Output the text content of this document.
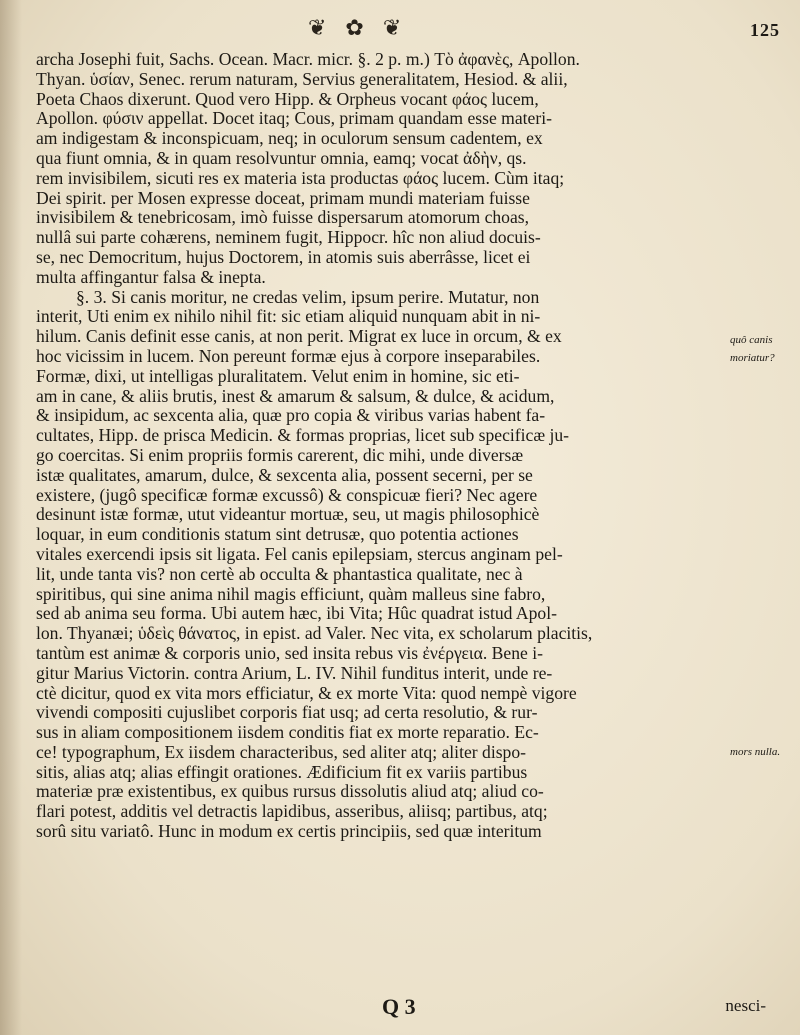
❦ ✿ ❦	125
archa Josephi fuit, Sachs. Ocean. Macr. micr. §. 2 p. m.) Τὸ ἀφανὲς, Apollon.
Thyan. ὑσίαν, Senec. rerum naturam, Servius generalitatem, Hesiod. & alii,
Poeta Chaos dixerunt. Quod vero Hipp. & Orpheus vocant φάος lucem,
Apollon. φύσιν appellat. Docet itaq; Cous, primam quandam esse materi-
am indigestam & inconspicuam, neq; in oculorum sensum cadentem, ex
qua fiunt omnia, & in quam resolvuntur omnia, eamq; vocat ἀδὴν, qs.
rem invisibilem, sicuti res ex materia ista productas φάος lucem. Cùm itaq;
Dei spirit. per Mosen expresse doceat, primam mundi materiam fuisse
invisibilem & tenebricosam, imò fuisse dispersarum atomorum choas,
nullâ sui parte cohærens, neminem fugit, Hippocr. hîc non aliud docuis-
se, nec Democritum, hujus Doctorem, in atomis suis aberrâsse, licet ei
multa affingantur falsa & inepta.
§. 3. Si canis moritur, ne credas velim, ipsum perire. Mutatur, non
interit, Uti enim ex nihilo nihil fit: sic etiam aliquid nunquam abit in ni-
hilum. Canis definit esse canis, at non perit. Migrat ex luce in orcum, & ex
hoc vicissim in lucem. Non pereunt formæ ejus à corpore inseparabiles.
Formæ, dixi, ut intelligas pluralitatem. Velut enim in homine, sic eti-
am in cane, & aliis brutis, inest & amarum & salsum, & dulce, & acidum,
& insipidum, ac sexcenta alia, quæ pro copia & viribus varias habent fa-
cultates, Hipp. de prisca Medicin. & formas proprias, licet sub specificæ ju-
go coercitas. Si enim propriis formis carerent, dic mihi, unde diversæ
istæ qualitates, amarum, dulce, & sexcenta alia, possent secerni, per se
existere, (jugô specificæ formæ excussô) & conspicuæ fieri? Nec agere
desinunt istæ formæ, utut videantur mortuæ, seu, ut magis philosophicè
loquar, in eum conditionis statum sint detrusæ, quo potentia actiones
vitales exercendi ipsis sit ligata. Fel canis epilepsiam, stercus anginam pel-
lit, unde tanta vis? non certè ab occulta & phantastica qualitate, nec à
spiritibus, qui sine anima nihil magis efficiunt, quàm malleus sine fabro,
sed ab anima seu forma. Ubi autem hæc, ibi Vita; Hûc quadrat istud Apol-
lon. Thyanæi; ὑδεὶς θάνατος, in epist. ad Valer. Nec vita, ex scholarum placitis,
tantùm est animæ & corporis unio, sed insita rebus vis ἐνέργεια. Bene i-
gitur Marius Victorin. contra Arium, L. IV. Nihil funditus interit, unde re-
ctè dicitur, quod ex vita mors efficiatur, & ex morte Vita: quod nempè vigore
vivendi compositi cujuslibet corporis fiat usq; ad certa resolutio, & rur-
sus in aliam compositionem iisdem conditis fiat ex morte reparatio. Ec-
ce! typographum, Ex iisdem characteribus, sed aliter atq; aliter dispo-
sitis, alias atq; alias effingit orationes. Ædificium fit ex variis partibus
materiæ præ existentibus, ex quibus rursus dissolutis aliud atq; aliud co-
flari potest, additis vel detractis lapidibus, asseribus, aliisq; partibus, atq;
sorû situ variatô. Hunc in modum ex certis principiis, sed quæ interitum
quô canis
moriatur?
mors nulla.
Q 3	nesci-
